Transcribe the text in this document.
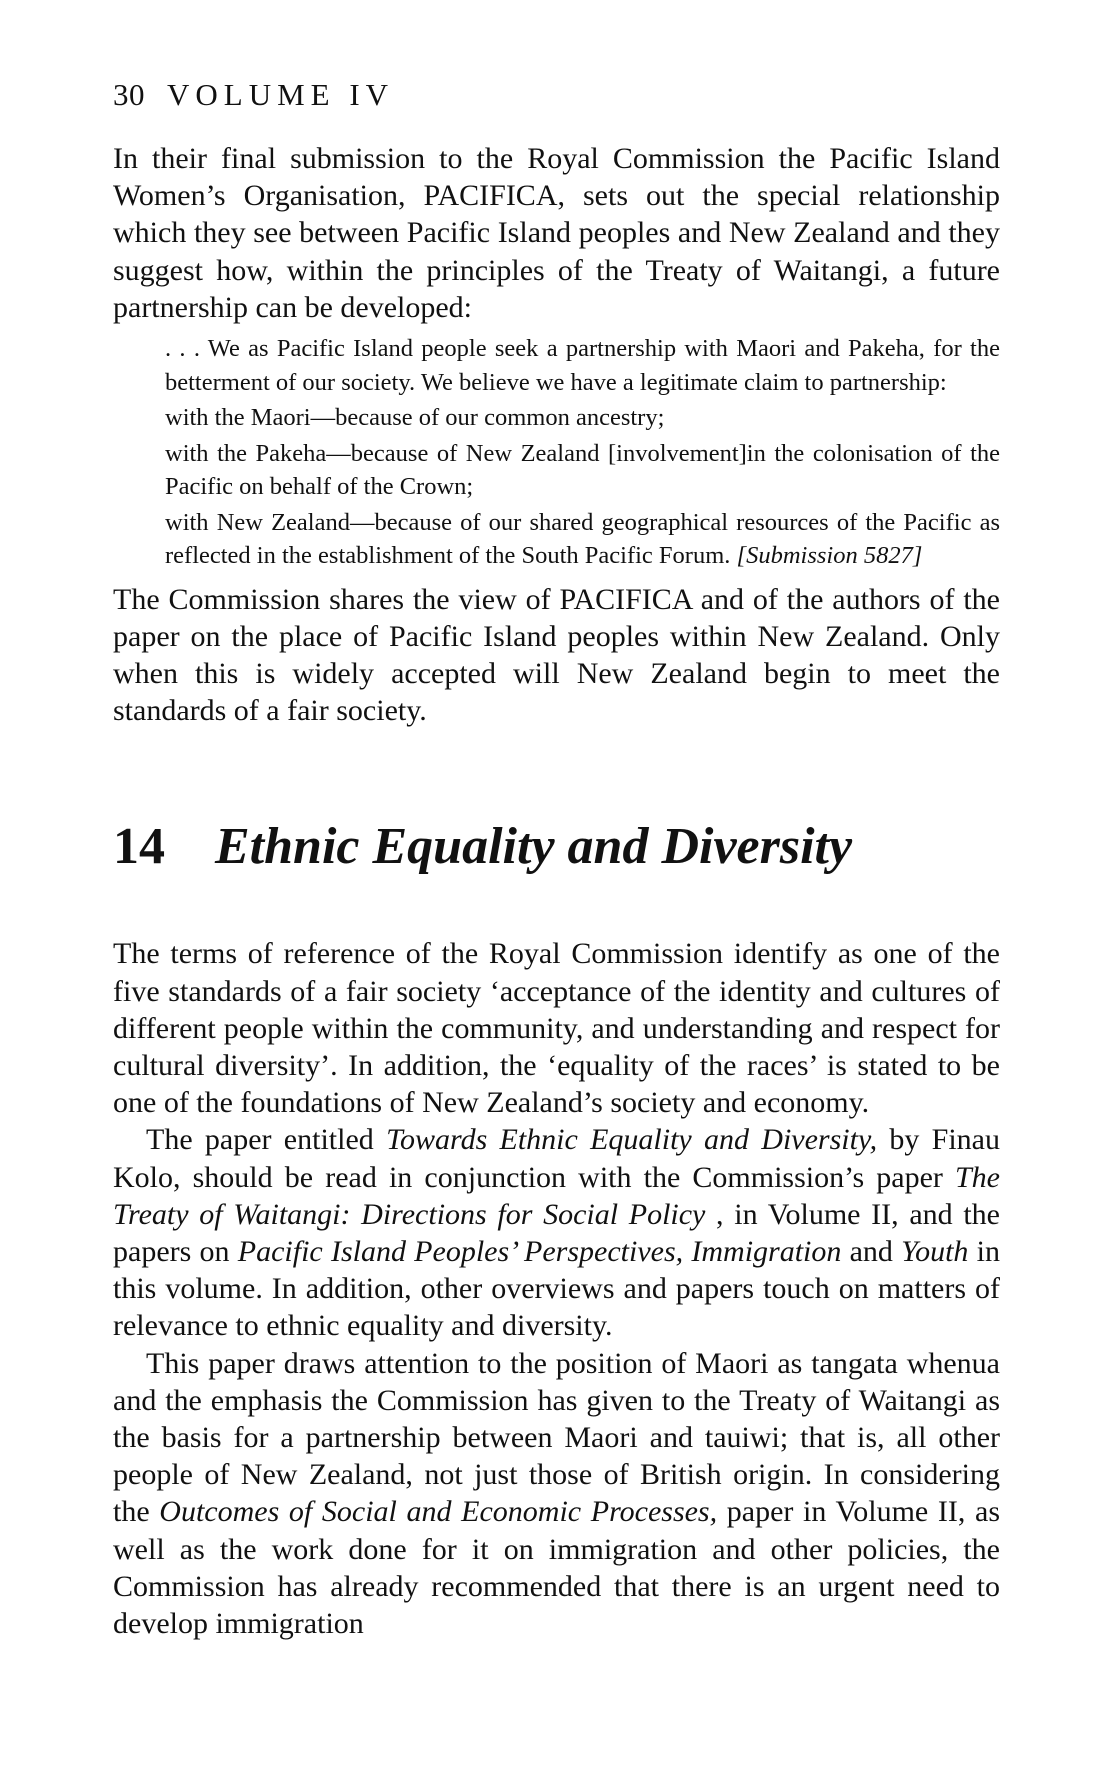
30 VOLUME IV

In their final submission to the Royal Commission the Pacific Island Women’s Organisation, PACIFICA, sets out the special relationship which they see between Pacific Island peoples and New Zealand and they suggest how, within the principles of the Treaty of Waitangi, a future partnership can be developed:

. . . We as Pacific Island people seek a partnership with Maori and Pakeha, for the betterment of our society. We believe we have a legitimate claim to partnership:

with the Maori—because of our common ancestry;

with the Pakeha—because of New Zealand [involvement]in the colonisation of the Pacific on behalf of the Crown;

with New Zealand—because of our shared geographical resources of the Pacific as reflected in the establishment of the South Pacific Forum. [Submission 5827]

The Commission shares the view of PACIFICA and of the authors of the paper on the place of Pacific Island peoples within New Zealand. Only when this is widely accepted will New Zealand begin to meet the standards of a fair society.

14 Ethnic Equality and Diversity

The terms of reference of the Royal Commission identify as one of the five standards of a fair society ‘acceptance of the identity and cultures of different people within the community, and understanding and respect for cultural diversity’. In addition, the ‘equality of the races’ is stated to be one of the foundations of New Zealand’s society and economy.

The paper entitled Towards Ethnic Equality and Diversity, by Finau Kolo, should be read in conjunction with the Commission’s paper The Treaty of Waitangi: Directions for Social Policy , in Volume II, and the papers on Pacific Island Peoples’ Perspectives, Immigration and Youth in this volume. In addition, other overviews and papers touch on matters of relevance to ethnic equality and diversity.

This paper draws attention to the position of Maori as tangata whenua and the emphasis the Commission has given to the Treaty of Waitangi as the basis for a partnership between Maori and tauiwi; that is, all other people of New Zealand, not just those of British origin. In considering the Outcomes of Social and Economic Processes, paper in Volume II, as well as the work done for it on immigration and other policies, the Commission has already recommended that there is an urgent need to develop immigration
